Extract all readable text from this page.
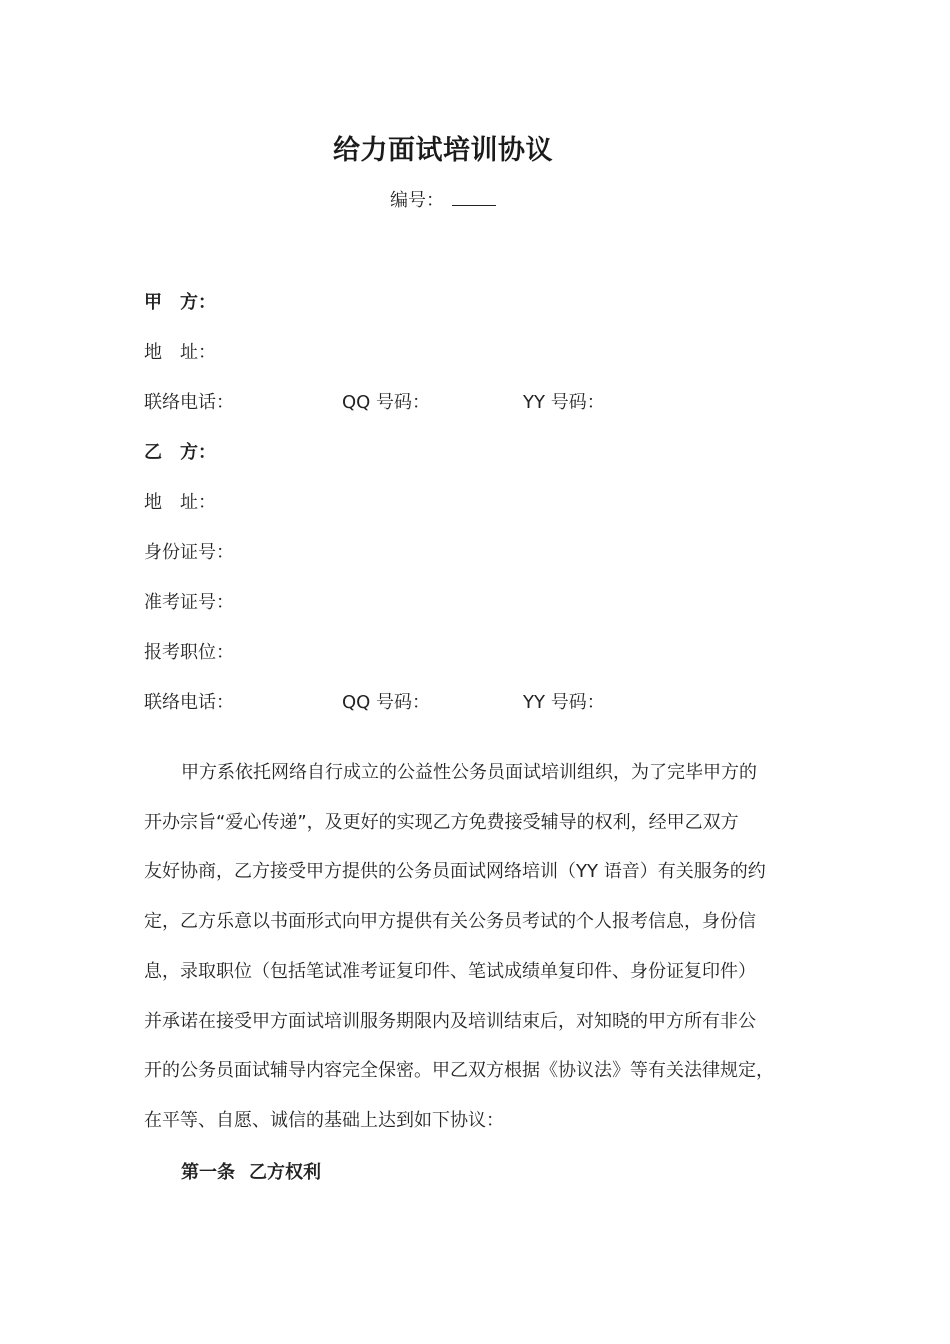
给力面试培训协议
编号：
甲　方：
地　址：
联络电话：	QQ 号码：	YY 号码：
乙　方：
地　址：
身份证号：
准考证号：
报考职位：
联络电话：	QQ 号码：	YY 号码：
甲方系依托网络自行成立的公益性公务员面试培训组织，为了完毕甲方的
开办宗旨“爱心传递”，及更好的实现乙方免费接受辅导的权利，经甲乙双方
友好协商，乙方接受甲方提供的公务员面试网络培训（YY 语音）有关服务的约
定，乙方乐意以书面形式向甲方提供有关公务员考试的个人报考信息，身份信
息，录取职位（包括笔试准考证复印件、笔试成绩单复印件、身份证复印件）
并承诺在接受甲方面试培训服务期限内及培训结束后，对知晓的甲方所有非公
开的公务员面试辅导内容完全保密。甲乙双方根据《协议法》等有关法律规定，
在平等、自愿、诚信的基础上达到如下协议：
第一条 乙方权利
